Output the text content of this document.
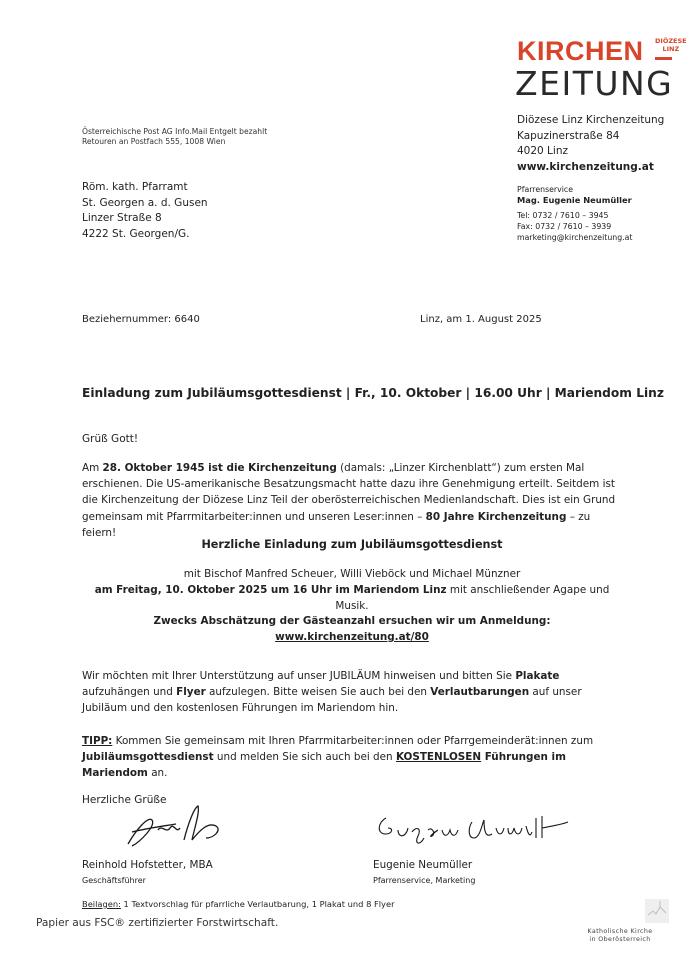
KIRCHEN DIÖZESE
LINZ
ZEITUNG
Österreichische Post AG Info.Mail Entgelt bezahlt
Retouren an Postfach 555, 1008 Wien
Röm. kath. Pfarramt
St. Georgen a. d. Gusen
Linzer Straße 8
4222 St. Georgen/G.
Diözese Linz Kirchenzeitung
Kapuzinerstraße 84
4020 Linz
www.kirchenzeitung.at
Pfarrenservice
Mag. Eugenie Neumüller
Tel: 0732 / 7610 – 3945
Fax: 0732 / 7610 – 3939
marketing@kirchenzeitung.at
Beziehernummer: 6640	Linz, am 1. August 2025
Einladung zum Jubiläumsgottesdienst | Fr., 10. Oktober | 16.00 Uhr | Mariendom Linz
Grüß Gott!
Am 28. Oktober 1945 ist die Kirchenzeitung (damals: „Linzer Kirchenblatt“) zum ersten Mal erschienen. Die US-amerikanische Besatzungsmacht hatte dazu ihre Genehmigung erteilt. Seitdem ist die Kirchenzeitung der Diözese Linz Teil der oberösterreichischen Medienlandschaft. Dies ist ein Grund gemeinsam mit Pfarrmitarbeiter:innen und unseren Leser:innen – 80 Jahre Kirchenzeitung – zu feiern!
Herzliche Einladung zum Jubiläumsgottesdienst
mit Bischof Manfred Scheuer, Willi Vieböck und Michael Münzner
am Freitag, 10. Oktober 2025 um 16 Uhr im Mariendom Linz mit anschließender Agape und Musik.
Zwecks Abschätzung der Gästeanzahl ersuchen wir um Anmeldung:
www.kirchenzeitung.at/80
Wir möchten mit Ihrer Unterstützung auf unser JUBILÄUM hinweisen und bitten Sie Plakate aufzuhängen und Flyer aufzulegen. Bitte weisen Sie auch bei den Verlautbarungen auf unser Jubiläum und den kostenlosen Führungen im Mariendom hin.
TIPP: Kommen Sie gemeinsam mit Ihren Pfarrmitarbeiter:innen oder Pfarrgemeinderät:innen zum Jubiläumsgottesdienst und melden Sie sich auch bei den KOSTENLOSEN Führungen im Mariendom an.
Herzliche Grüße
Reinhold Hofstetter, MBA
Geschäftsführer
Eugenie Neumüller
Pfarrenservice, Marketing
Beilagen: 1 Textvorschlag für pfarrliche Verlautbarung, 1 Plakat und 8 Flyer
Papier aus FSC® zertifizierter Forstwirtschaft.
Katholische Kirche
in Oberösterreich
